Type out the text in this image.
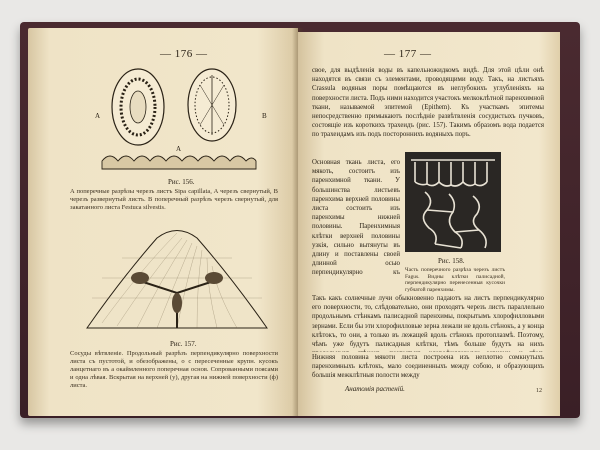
— 176 —
A	B
А
Рис. 156.
A поперечные разрѣзы черезъ листъ Sipa capillata, A черезъ свернутый, В черезъ развернутый листъ. В поперечный разрѣзъ черезъ свернутый, для закатанного листа Festuca silvestis.
Рис. 157.
Сосуды вѣтвленіе. Продольный разрѣзъ перпендикулярно поверхности листа съ пустотой, и обезображены, о с пересеченные крупн. кусокъ ланцетнаго въ а окаймленного поперечная основ. Сопрованными поясами и одна лѣвая. Вскрытая на верхней (у), другая на нижней поверхности (ф) листа.
— 177 —
свое, для выдѣленія воды въ капельножидкомъ видѣ. Для этой цѣли онѣ находятся въ связи съ элементами, проводящими воду. Такъ, на листьяхъ Crassula водяныя поры помѣщаются въ неглубокихъ углубленіяхъ на поверхности листа. Подъ ними находится участокъ мелкоклѣтной паренхимной ткани, называемой эпитемой (Epithem). Къ участкамъ эпитемы непосредственно примыкаютъ послѣдніе развѣтвленія сосудистыхъ пучковъ, состоящіе изъ короткихъ трахеидъ (рис. 157). Такимъ образомъ вода подается по трахеидамъ изъ подъ постороннихъ водяныхъ поръ.
Основная ткань листа, его мякоть, состоитъ изъ паренхимной ткани. У большинства листьевъ паренхима верхней половины листа состоитъ изъ паренхимы нижней половины. Паренхимныя клѣтки верхней половины узкія, сильно вытянуты въ длину и поставлены своей длинной осью перпендикулярно къ
Рис. 158.
Часть поперечного разрѣза черезъ листъ Fagus. Видны клѣтки палисадной, перпендикулярно перенесенныя кусочки губчатой паренхимы.
Такъ какъ солнечные лучи обыкновенно падаютъ на листъ перпендикулярно его поверхности, то, слѣдовательно, они проходятъ черезъ листъ параллельно продольнымъ стѣнкамъ палисадной паренхимы, покрытымъ хлорофилловыми зернами. Если бы эти хлорофилловые зерна лежали не вдоль стѣнокъ, а у конца клѣтокъ, то они, а только въ лежащей вдоль стѣнокъ протоплазмѣ. Поэтому, чѣмъ уже будутъ палисадныя клѣтки, тѣмъ больше будутъ на нихъ
Нижняя половина мякоти листа построена изъ неплотно сомкнутыхъ паренхимныхъ клѣтокъ, мало соединенныхъ между собою, и образующихъ большія межклѣтныя полости между
Анатомія растеній.	12
